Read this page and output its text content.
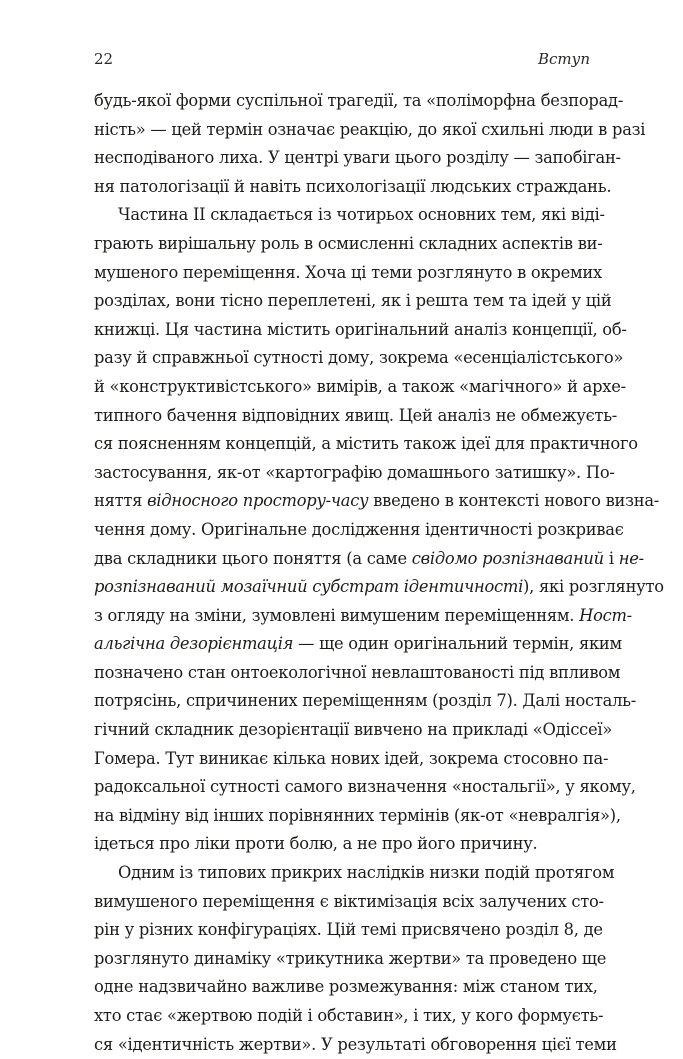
22	Вступ
будь-якої форми суспільної трагедії, та «поліморфна безпорад-
ність» — цей термін означає реакцію, до якої схильні люди в разі
несподіваного лиха. У центрі уваги цього розділу — запобіган-
ня патологізації й навіть психологізації людських страждань.
Частина ІІ складається із чотирьох основних тем, які віді-
грають вирішальну роль в осмисленні складних аспектів ви-
мушеного переміщення. Хоча ці теми розглянуто в окремих
розділах, вони тісно переплетені, як і решта тем та ідей у цій
книжці. Ця частина містить оригінальний аналіз концепції, об-
разу й справжньої сутності дому, зокрема «есенціалістського»
й «конструктивістського» вимірів, а також «магічного» й архе-
типного бачення відповідних явищ. Цей аналіз не обмежуєть-
ся поясненням концепцій, а містить також ідеї для практичного
застосування, як-от «картографію домашнього затишку». По-
няття відносного простору-часу введено в контексті нового визна-
чення дому. Оригінальне дослідження ідентичності розкриває
два складники цього поняття (а саме свідомо розпізнаваний і не-
розпізнаваний мозаїчний субстрат ідентичності), які розглянуто
з огляду на зміни, зумовлені вимушеним переміщенням. Ност-
альгічна дезорієнтація — ще один оригінальний термін, яким
позначено стан онтоекологічної невлаштованості під впливом
потрясінь, спричинених переміщенням (розділ 7). Далі носталь-
гічний складник дезорієнтації вивчено на прикладі «Одіссеї»
Гомера. Тут виникає кілька нових ідей, зокрема стосовно па-
радоксальної сутності самого визначення «ностальгії», у якому,
на відміну від інших порівнянних термінів (як-от «невралгія»),
ідеться про ліки проти болю, а не про його причину.
Одним із типових прикрих наслідків низки подій протягом
вимушеного переміщення є віктимізація всіх залучених сто-
рін у різних конфігураціях. Цій темі присвячено розділ 8, де
розглянуто динаміку «трикутника жертви» та проведено ще
одне надзвичайно важливе розмежування: між станом тих,
хто стає «жертвою подій і обставин», і тих, у кого формуєть-
ся «ідентичність жертви». У результаті обговорення цієї теми
